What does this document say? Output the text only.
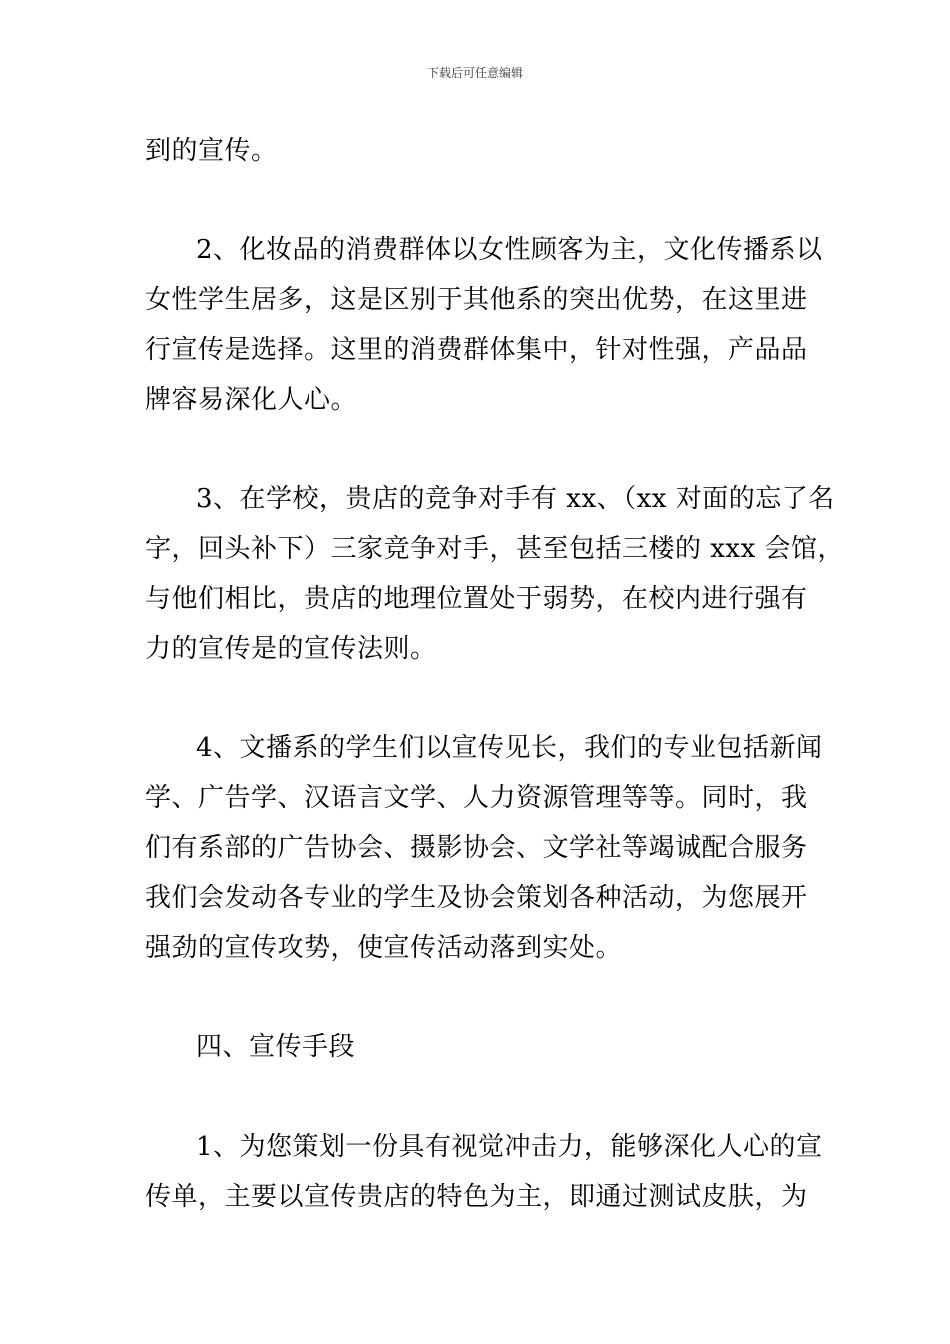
下载后可任意编辑
到的宣传。
2、化妆品的消费群体以女性顾客为主，文化传播系以
女性学生居多，这是区别于其他系的突出优势，在这里进
行宣传是选择。这里的消费群体集中，针对性强，产品品
牌容易深化人心。
3、在学校，贵店的竞争对手有 xx、（xx 对面的忘了名
字，回头补下）三家竞争对手，甚至包括三楼的 xxx 会馆，
与他们相比，贵店的地理位置处于弱势，在校内进行强有
力的宣传是的宣传法则。
4、文播系的学生们以宣传见长，我们的专业包括新闻
学、广告学、汉语言文学、人力资源管理等等。同时，我
们有系部的广告协会、摄影协会、文学社等竭诚配合服务
我们会发动各专业的学生及协会策划各种活动，为您展开
强劲的宣传攻势，使宣传活动落到实处。
四、宣传手段
1、为您策划一份具有视觉冲击力，能够深化人心的宣
传单，主要以宣传贵店的特色为主，即通过测试皮肤，为
